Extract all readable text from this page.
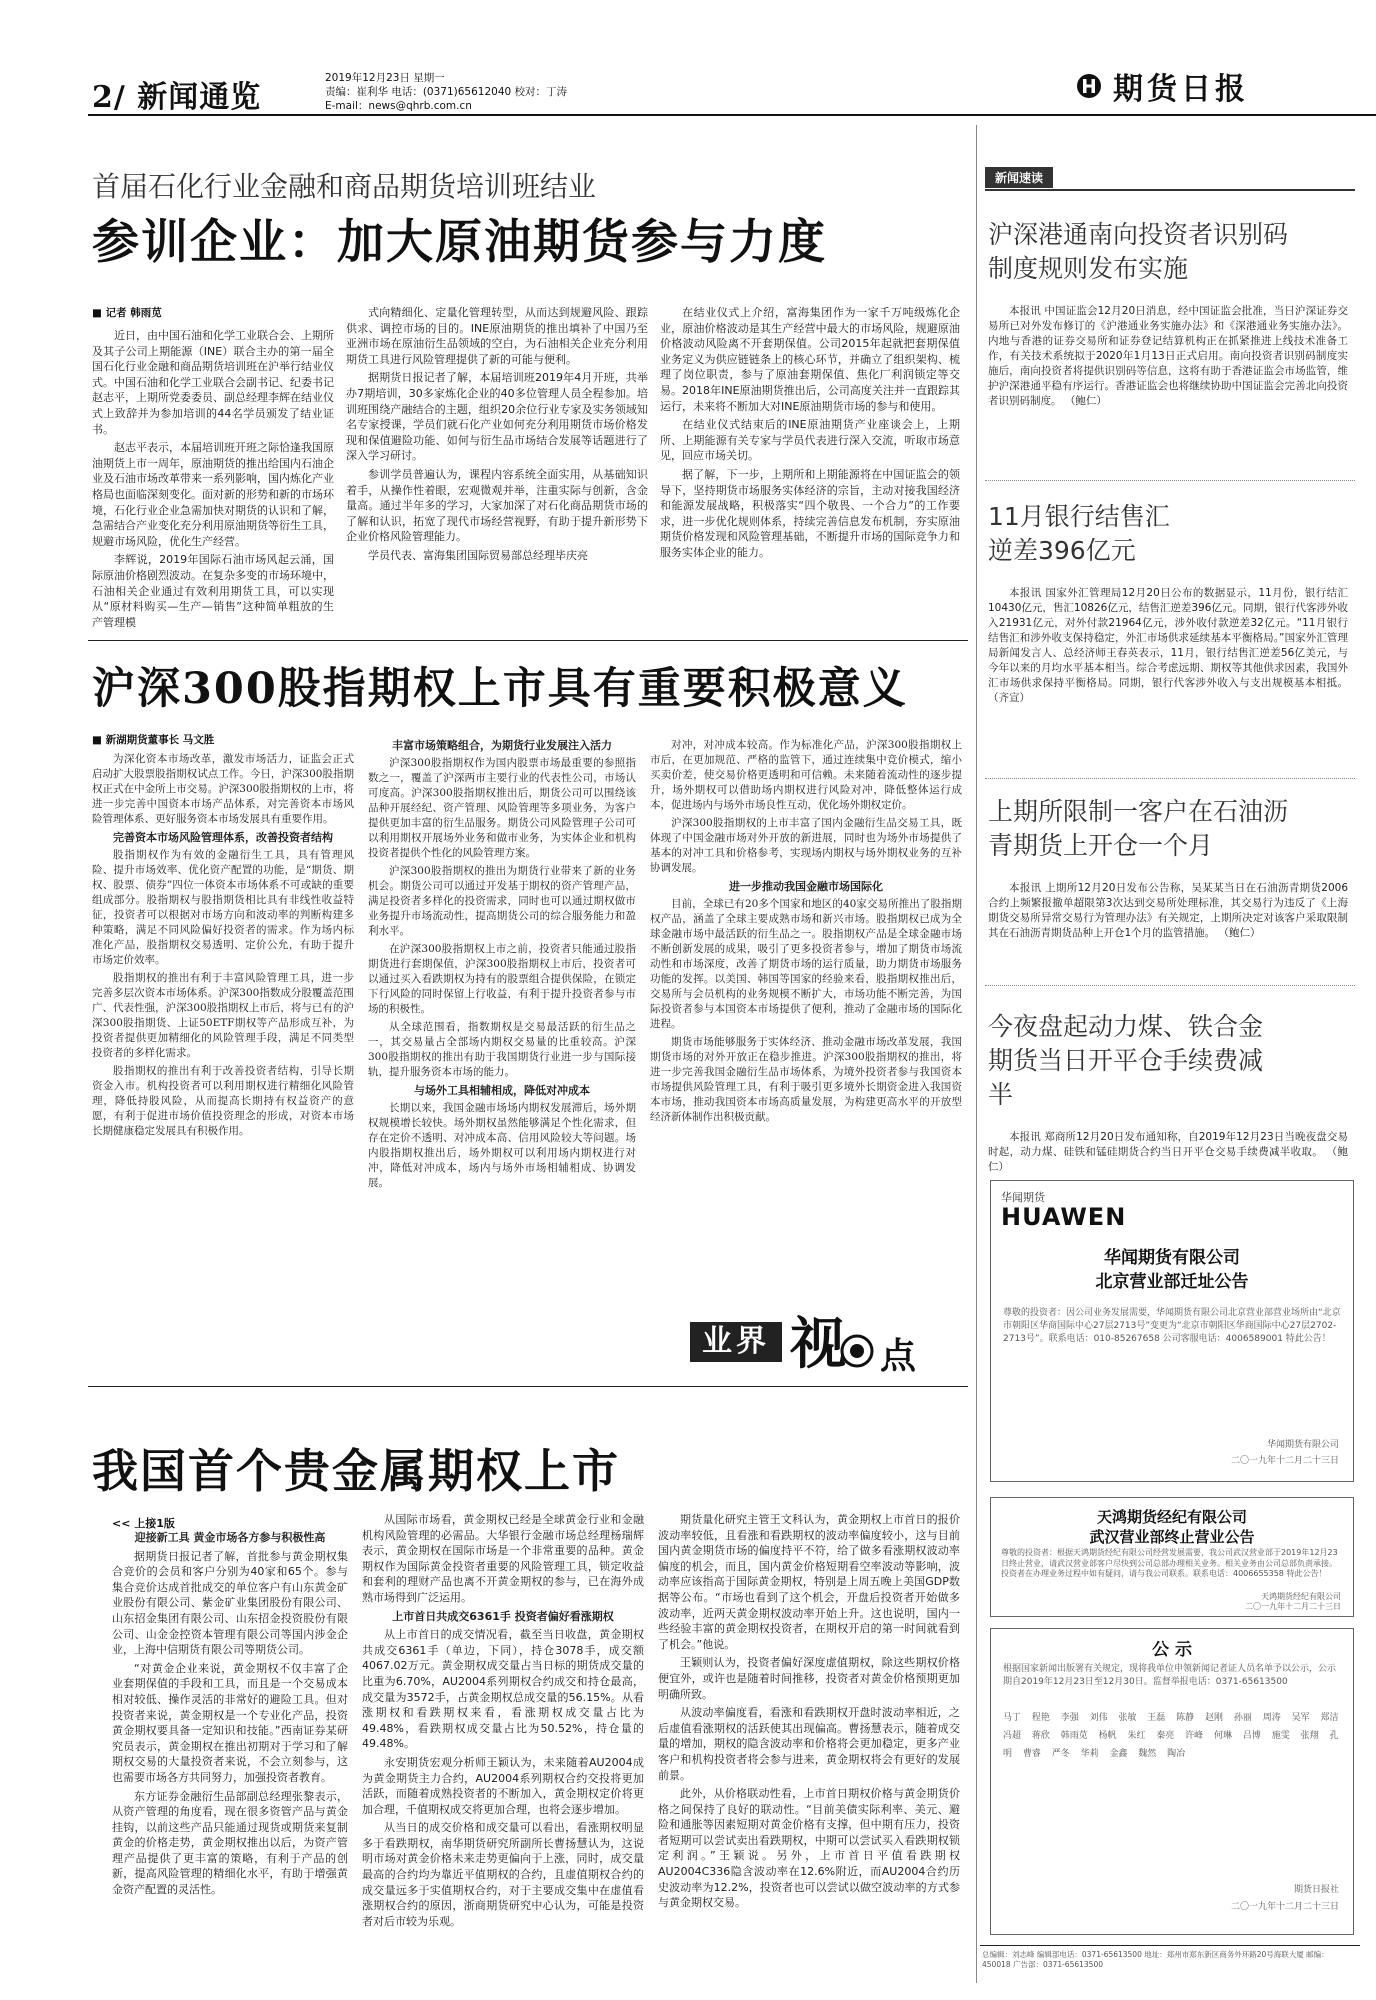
2/ 新闻通览
2019年12月23日 星期一
责编：崔利华 电话：(0371)65612040 校对：丁涛
E-mail：news@qhrb.com.cn	期货日报
首届石化行业金融和商品期货培训班结业
参训企业：加大原油期货参与力度
■ 记者 韩雨苋

近日，由中国石油和化学工业联合会、上期所及其子公司上期能源（INE）联合主办的第一届全国石化行业金融和商品期货培训班在沪举行结业仪式。中国石油和化学工业联合会副书记、纪委书记赵志平，上期所党委委员、副总经理李辉在结业仪式上致辞并为参加培训的44名学员颁发了结业证书。

赵志平表示，本届培训班开班之际恰逢我国原油期货上市一周年，原油期货的推出给国内石油企业及石油市场改革带来一系列影响，国内炼化产业格局也面临深刻变化。面对新的形势和新的市场环境，石化行业企业急需加快对期货的认识和了解，急需结合产业变化充分利用原油期货等衍生工具，规避市场风险，优化生产经营。

李辉说，2019年国际石油市场风起云涌，国际原油价格剧烈波动。在复杂多变的市场环境中，石油相关企业通过有效利用期货工具，可以实现从“原材料购买—生产—销售”这种简单粗放的生产管理模

式向精细化、定量化管理转型，从而达到规避风险、跟踪供求、调控市场的目的。INE原油期货的推出填补了中国乃至亚洲市场在原油衍生品领域的空白，为石油相关企业充分利用期货工具进行风险管理提供了新的可能与便利。

据期货日报记者了解，本届培训班2019年4月开班，共举办7期培训，30多家炼化企业的40多位管理人员全程参加。培训班围绕产融结合的主题，组织20余位行业专家及实务领域知名专家授课，学员们就石化产业如何充分利用期货市场价格发现和保值避险功能、如何与衍生品市场结合发展等话题进行了深入学习研讨。

参训学员普遍认为，课程内容系统全面实用，从基础知识着手，从操作性着眼，宏观微观并举，注重实际与创新，含金量高。通过半年多的学习，大家加深了对石化商品期货市场的了解和认识，拓宽了现代市场经营视野，有助于提升新形势下企业价格风险管理能力。

学员代表、富海集团国际贸易部总经理毕庆亮

在结业仪式上介绍，富海集团作为一家千万吨级炼化企业，原油价格波动是其生产经营中最大的市场风险，规避原油价格波动风险离不开套期保值。公司2015年起就把套期保值业务定义为供应链链条上的核心环节，并确立了组织架构、梳理了岗位职责，参与了原油套期保值、焦化厂利润锁定等交易。2018年INE原油期货推出后，公司高度关注并一直跟踪其运行，未来将不断加大对INE原油期货市场的参与和使用。

在结业仪式结束后的INE原油期货产业座谈会上，上期所、上期能源有关专家与学员代表进行深入交流，听取市场意见，回应市场关切。

据了解，下一步，上期所和上期能源将在中国证监会的领导下，坚持期货市场服务实体经济的宗旨，主动对接我国经济和能源发展战略，积极落实“四个敬畏、一个合力”的工作要求，进一步优化规则体系，持续完善信息发布机制，夯实原油期货价格发现和风险管理基础，不断提升市场的国际竞争力和服务实体企业的能力。

沪深300股指期权上市具有重要积极意义
■ 新湖期货董事长 马文胜

为深化资本市场改革，激发市场活力，证监会正式启动扩大股票股指期权试点工作。今日，沪深300股指期权正式在中金所上市交易。沪深300股指期权的上市，将进一步完善中国资本市场产品体系，对完善资本市场风险管理体系、更好服务资本市场发展具有重要作用。

完善资本市场风险管理体系，改善投资者结构

股指期权作为有效的金融衍生工具，具有管理风险、提升市场效率、优化资产配置的功能，是“期货、期权、股票、债券”四位一体资本市场体系不可或缺的重要组成部分。股指期权与股指期货相比具有非线性收益特征，投资者可以根据对市场方向和波动率的判断构建多种策略，满足不同风险偏好投资者的需求。作为场内标准化产品，股指期权交易透明、定价公允，有助于提升市场定价效率。

股指期权的推出有利于丰富风险管理工具，进一步完善多层次资本市场体系。沪深300指数成分股覆盖范围广、代表性强，沪深300股指期权上市后，将与已有的沪深300股指期货、上证50ETF期权等产品形成互补，为投资者提供更加精细化的风险管理手段，满足不同类型投资者的多样化需求。

股指期权的推出有利于改善投资者结构，引导长期资金入市。机构投资者可以利用期权进行精细化风险管理，降低持股风险，从而提高长期持有权益资产的意愿，有利于促进市场价值投资理念的形成，对资本市场长期健康稳定发展具有积极作用。

丰富市场策略组合，为期货行业发展注入活力

沪深300股指期权作为国内股票市场最重要的参照指数之一，覆盖了沪深两市主要行业的代表性公司，市场认可度高。沪深300股指期权推出后，期货公司可以围绕该品种开展经纪、资产管理、风险管理等多项业务，为客户提供更加丰富的衍生品服务。期货公司风险管理子公司可以利用期权开展场外业务和做市业务，为实体企业和机构投资者提供个性化的风险管理方案。

沪深300股指期权的推出为期货行业带来了新的业务机会。期货公司可以通过开发基于期权的资产管理产品，满足投资者多样化的投资需求，同时也可以通过期权做市业务提升市场流动性，提高期货公司的综合服务能力和盈利水平。

在沪深300股指期权上市之前，投资者只能通过股指期货进行套期保值，沪深300股指期权上市后，投资者可以通过买入看跌期权为持有的股票组合提供保险，在锁定下行风险的同时保留上行收益，有利于提升投资者参与市场的积极性。

从全球范围看，指数期权是交易最活跃的衍生品之一，其交易量占全部场内期权交易量的比重较高。沪深300股指期权的推出有助于我国期货行业进一步与国际接轨，提升服务资本市场的能力。

与场外工具相辅相成，降低对冲成本

长期以来，我国金融市场场内期权发展滞后，场外期权规模增长较快。场外期权虽然能够满足个性化需求，但存在定价不透明、对冲成本高、信用风险较大等问题。场内股指期权推出后，场外期权可以利用场内期权进行对冲，降低对冲成本，场内与场外市场相辅相成、协调发展。

对冲，对冲成本较高。作为标准化产品，沪深300股指期权上市后，在更加规范、严格的监管下，通过连续集中竞价模式，缩小买卖价差，使交易价格更透明和可信赖。未来随着流动性的逐步提升，场外期权可以借助场内期权进行风险对冲，降低整体运行成本，促进场内与场外市场良性互动，优化场外期权定价。

沪深300股指期权的上市丰富了国内金融衍生品交易工具，既体现了中国金融市场对外开放的新进展，同时也为场外市场提供了基本的对冲工具和价格参考，实现场内期权与场外期权业务的互补协调发展。

进一步推动我国金融市场国际化

目前，全球已有20多个国家和地区的40家交易所推出了股指期权产品，涵盖了全球主要成熟市场和新兴市场。股指期权已成为全球金融市场中最活跃的衍生品之一。股指期权产品是全球金融市场不断创新发展的成果，吸引了更多投资者参与，增加了期货市场流动性和市场深度，改善了期货市场的运行质量，助力期货市场服务功能的发挥。以美国、韩国等国家的经验来看，股指期权推出后，交易所与会员机构的业务规模不断扩大，市场功能不断完善，为国际投资者参与本国资本市场提供了便利，推动了金融市场的国际化进程。

期货市场能够服务于实体经济、推动金融市场改革发展，我国期货市场的对外开放正在稳步推进。沪深300股指期权的推出，将进一步完善我国金融衍生品市场体系，为境外投资者参与我国资本市场提供风险管理工具，有利于吸引更多境外长期资金进入我国资本市场，推动我国资本市场高质量发展，为构建更高水平的开放型经济新体制作出积极贡献。

业界 视 点
我国首个贵金属期权上市
<< 上接1版

迎接新工具 黄金市场各方参与积极性高

据期货日报记者了解，首批参与黄金期权集合竞价的会员和客户分别为40家和65个。参与集合竞价达成首批成交的单位客户有山东黄金矿业股份有限公司、紫金矿业集团股份有限公司、山东招金集团有限公司、山东招金投资股份有限公司、山金金控资本管理有限公司等国内涉金企业，上海中信期货有限公司等期货公司。

“对黄金企业来说，黄金期权不仅丰富了企业套期保值的手段和工具，而且是一个交易成本相对较低、操作灵活的非常好的避险工具。但对投资者来说，黄金期权是一个专业化产品，投资黄金期权要具备一定知识和技能。”西南证券某研究员表示，黄金期权在推出初期对于学习和了解期权交易的大量投资者来说，不会立刻参与，这也需要市场各方共同努力，加强投资者教育。

东方证券金融衍生品部副总经理张黎表示，从资产管理的角度看，现在很多资管产品与黄金挂钩，以前这些产品只能通过现货或期货来复制黄金的价格走势，黄金期权推出以后，为资产管理产品提供了更丰富的策略，有利于产品的创新，提高风险管理的精细化水平，有助于增强黄金资产配置的灵活性。

从国际市场看，黄金期权已经是全球黄金行业和金融机构风险管理的必需品。大华银行金融市场总经理杨瑞辉表示，黄金期权在国际市场是一个非常重要的品种。黄金期权作为国际黄金投资者重要的风险管理工具，锁定收益和套利的理财产品也离不开黄金期权的参与，已在海外成熟市场得到广泛运用。

上市首日共成交6361手 投资者偏好看涨期权

从上市首日的成交情况看，截至当日收盘，黄金期权共成交6361手（单边，下同），持仓3078手，成交额4067.02万元。黄金期权成交量占当日标的期货成交量的比重为6.70%，AU2004系列期权合约成交和持仓最高，成交量为3572手，占黄金期权总成交量的56.15%。从看涨期权和看跌期权来看，看涨期权成交量占比为49.48%，看跌期权成交量占比为50.52%，持仓量的49.48%。

永安期货宏观分析师王颖认为，未来随着AU2004成为黄金期货主力合约，AU2004系列期权合约交投将更加活跃，而随着成熟投资者的不断加入，黄金期权定价将更加合理，千值期权成交将更加合理，也将会逐步增加。

从当日的成交价格和成交量可以看出，看涨期权明显多于看跌期权，南华期货研究所副所长曹扬慧认为，这说明市场对黄金价格未来走势更偏向于上涨，同时，成交量最高的合约均为靠近平值期权的合约，且虚值期权合约的成交量远多于实值期权合约，对于主要成交集中在虚值看涨期权合约的原因，浙商期货研究中心认为，可能是投资者对后市较为乐观。

期货量化研究主管王文科认为，黄金期权上市首日的报价波动率较低，且看涨和看跌期权的波动率偏度较小，这与目前国内黄金期货市场的偏度持平不符，给了做多看涨期权波动率偏度的机会，而且，国内黄金价格短期看空率波动等影响，波动率应该指高于国际黄金期权，特别是上周五晚上美国GDP数据等公布。“市场也看到了这个机会，开盘后投资者开始做多波动率，近两天黄金期权波动率开始上升。这也说明，国内一些经验丰富的黄金期权投资者，在期权开启的第一时间就看到了机会。”他说。

王颖则认为，投资者偏好深度虚值期权，除这些期权价格便宜外，或许也是随着时间推移，投资者对黄金价格预期更加明确所致。

从波动率偏度看，看涨和看跌期权开盘时波动率相近，之后虚值看涨期权的活跃使其出现偏高。曹扬慧表示，随着成交量的增加，期权的隐含波动率和价格将会更加稳定，更多产业客户和机构投资者将会参与进来，黄金期权将会有更好的发展前景。

此外，从价格联动性看，上市首日期权价格与黄金期货价格之间保持了良好的联动性。“目前美债实际利率、美元、避险和通胀等因素短期对黄金价格有支撑，但中期有压力，投资者短期可以尝试卖出看跌期权，中期可以尝试买入看跌期权锁定利润。”王颖说。另外，上市首日平值看跌期权AU2004C336隐含波动率在12.6%附近，而AU2004合约历史波动率为12.2%，投资者也可以尝试以做空波动率的方式参与黄金期权交易。

新闻速读
沪深港通南向投资者识别码制度规则发布实施
本报讯 中国证监会12月20日消息，经中国证监会批准，当日沪深证券交易所已对外发布修订的《沪港通业务实施办法》和《深港通业务实施办法》。内地与香港的证券交易所和证券登记结算机构正在抓紧推进上线技术准备工作，有关技术系统拟于2020年1月13日正式启用。南向投资者识别码制度实施后，南向投资者将提供识别码等信息，这将有助于香港证监会市场监管，维护沪深港通平稳有序运行。香港证监会也将继续协助中国证监会完善北向投资者识别码制度。 （鲍仁）
11月银行结售汇逆差396亿元
本报讯 国家外汇管理局12月20日公布的数据显示，11月份，银行结汇10430亿元，售汇10826亿元，结售汇逆差396亿元。同期，银行代客涉外收入21931亿元，对外付款21964亿元，涉外收付款逆差32亿元。“11月银行结售汇和涉外收支保持稳定，外汇市场供求延续基本平衡格局。”国家外汇管理局新闻发言人、总经济师王春英表示，11月，银行结售汇逆差56亿美元，与今年以来的月均水平基本相当。综合考虑远期、期权等其他供求因素，我国外汇市场供求保持平衡格局。同期，银行代客涉外收入与支出规模基本相抵。 （齐宣）
上期所限制一客户在石油沥青期货上开仓一个月
本报讯 上期所12月20日发布公告称，吴某某当日在石油沥青期货2006合约上频繁报撤单超限第3次达到交易所处理标准，其交易行为违反了《上海期货交易所异常交易行为管理办法》有关规定，上期所决定对该客户采取限制其在石油沥青期货品种上开仓1个月的监管措施。 （鲍仁）
今夜盘起动力煤、铁合金期货当日开平仓手续费减半
本报讯 郑商所12月20日发布通知称，自2019年12月23日当晚夜盘交易时起，动力煤、硅铁和锰硅期货合约当日开平仓交易手续费减半收取。 （鲍仁）
华闻期货
HUAWEN
华闻期货有限公司
北京营业部迁址公告
尊敬的投资者：因公司业务发展需要，华闻期货有限公司北京营业部营业场所由“北京市朝阳区华商国际中心27层2713号”变更为“北京市朝阳区华商国际中心27层2702-2713号”。联系电话：010-85267658 公司客服电话：4006589001 特此公告！
华闻期货有限公司
二〇一九年十二月二十三日
天鸿期货经纪有限公司
武汉营业部终止营业公告
尊敬的投资者：根据天鸿期货经纪有限公司经营发展需要，我公司武汉营业部于2019年12月23日终止营业，请武汉营业部客户尽快到公司总部办理相关业务。相关业务由公司总部负责承接。投资者在办理业务过程中如有疑问，请与我公司联系。联系电话：4006655358 特此公告！
天鸿期货经纪有限公司
二〇一九年十二月二十三日
公 示
根据国家新闻出版署有关规定，现将我单位申领新闻记者证人员名单予以公示，公示期自2019年12月23日至12月30日。监督举报电话：0371-65613500
马丁 程艳 李强 刘伟 张敏 王磊 陈静 赵刚 孙丽 周涛 吴军 郑洁 冯超 蒋欣 韩雨苋 杨帆 朱红 秦亮 许峰 何琳 吕博 施雯 张翔 孔明 曹睿 严冬 华莉 金鑫 魏然 陶冶
期货日报社
二〇一九年十二月二十三日
总编辑：刘志峰 编辑部电话：0371-65613500 地址：郑州市郑东新区商务外环路20号海联大厦 邮编：450018 广告部：0371-65613500
